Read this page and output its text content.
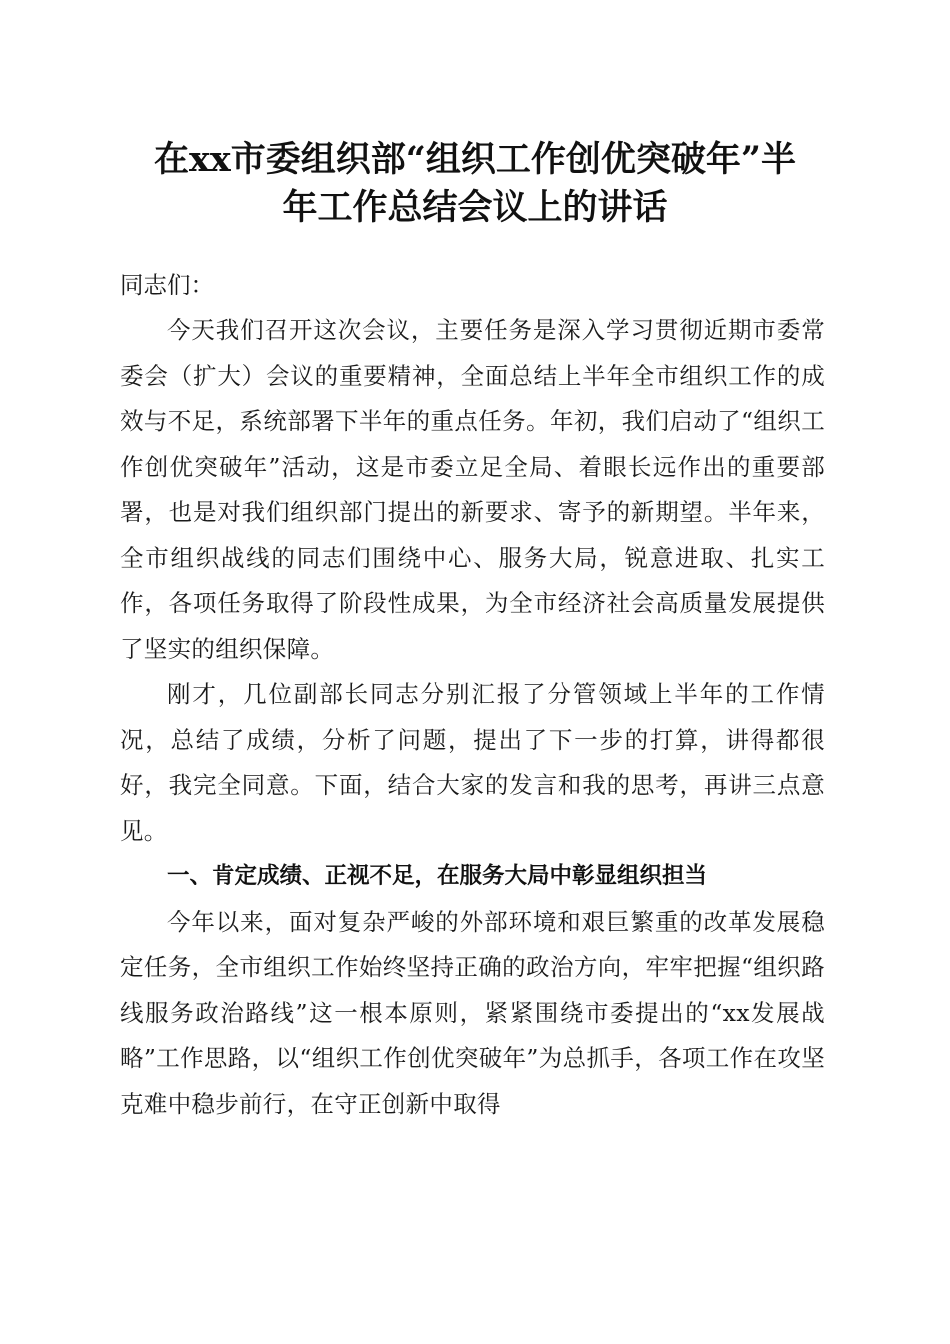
在xx市委组织部“组织工作创优突破年”半
年工作总结会议上的讲话

同志们：

今天我们召开这次会议，主要任务是深入学习贯彻近期市委常委会（扩大）会议的重要精神，全面总结上半年全市组织工作的成效与不足，系统部署下半年的重点任务。年初，我们启动了“组织工作创优突破年”活动，这是市委立足全局、着眼长远作出的重要部署，也是对我们组织部门提出的新要求、寄予的新期望。半年来，全市组织战线的同志们围绕中心、服务大局，锐意进取、扎实工作，各项任务取得了阶段性成果，为全市经济社会高质量发展提供了坚实的组织保障。

刚才，几位副部长同志分别汇报了分管领域上半年的工作情况，总结了成绩，分析了问题，提出了下一步的打算，讲得都很好，我完全同意。下面，结合大家的发言和我的思考，再讲三点意见。

一、肯定成绩、正视不足，在服务大局中彰显组织担当

今年以来，面对复杂严峻的外部环境和艰巨繁重的改革发展稳定任务，全市组织工作始终坚持正确的政治方向，牢牢把握“组织路线服务政治路线”这一根本原则，紧紧围绕市委提出的“xx发展战略”工作思路，以“组织工作创优突破年”为总抓手，各项工作在攻坚克难中稳步前行，在守正创新中取得
